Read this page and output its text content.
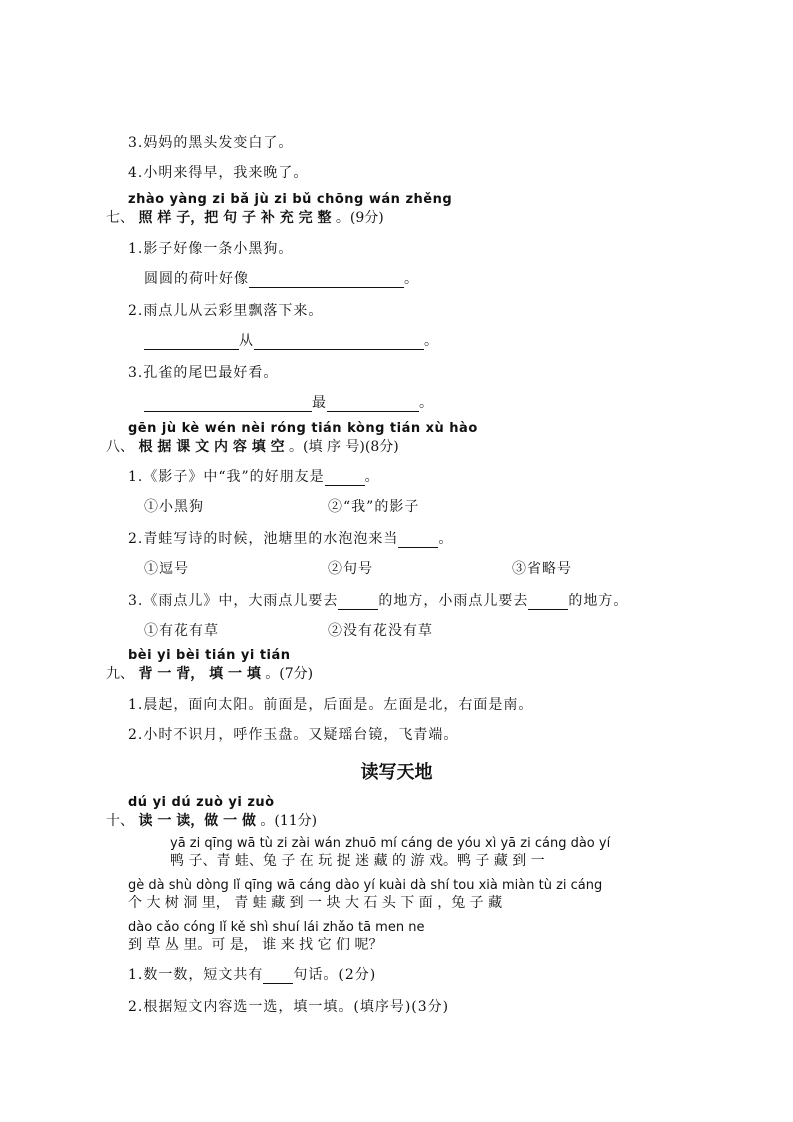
3.妈妈的黑头发变白了。
4.小明来得早，我来晚了。
zhào yàng zi bǎ jù zi bǔ chōng wán zhěng
七、 照 样 子，把 句 子 补 充 完 整 。(9分)
1.影子好像一条小黑狗。
圆圆的荷叶好像	。
2.雨点儿从云彩里飘落下来。
从	。
3.孔雀的尾巴最好看。
最	。
gēn jù kè wén nèi róng tián kòng tián xù hào
八、 根 据 课 文 内 容 填 空 。(填 序 号)(8分)
1.《影子》中“我”的好朋友是	。
①小黑狗	②“我”的影子
2.青蛙写诗的时候，池塘里的水泡泡来当	。
①逗号	②句号	③省略号
3.《雨点儿》中，大雨点儿要去	的地方，小雨点儿要去	的地方。
①有花有草	②没有花没有草
bèi yi bèi tián yi tián
九、 背 一 背， 填 一 填 。(7分)
1.晨起，面向太阳。前面是，后面是。左面是北，右面是南。
2.小时不识月，呼作玉盘。又疑瑶台镜，飞青端。
读写天地
dú yi dú zuò yi zuò
十、 读 一 读，做 一 做 。(11分)
yā zi qīng wā tù zi zài wán zhuō mí cáng de yóu xì yā zi cáng dào yí
鸭 子、青 蛙、兔 子 在 玩 捉 迷 藏 的 游 戏。鸭 子 藏 到 一
gè dà shù dòng lǐ qīng wā cáng dào yí kuài dà shí tou xià miàn tù zi cáng
个 大 树 洞 里， 青 蛙 藏 到 一 块 大 石 头 下 面 ，兔 子 藏
dào cǎo cóng lǐ kě shì shuí lái zhǎo tā men ne
到 草 丛 里。可 是， 谁 来 找 它 们 呢？
1.数一数，短文共有 句话。(2分)
2.根据短文内容选一选，填一填。(填序号)(3分)
